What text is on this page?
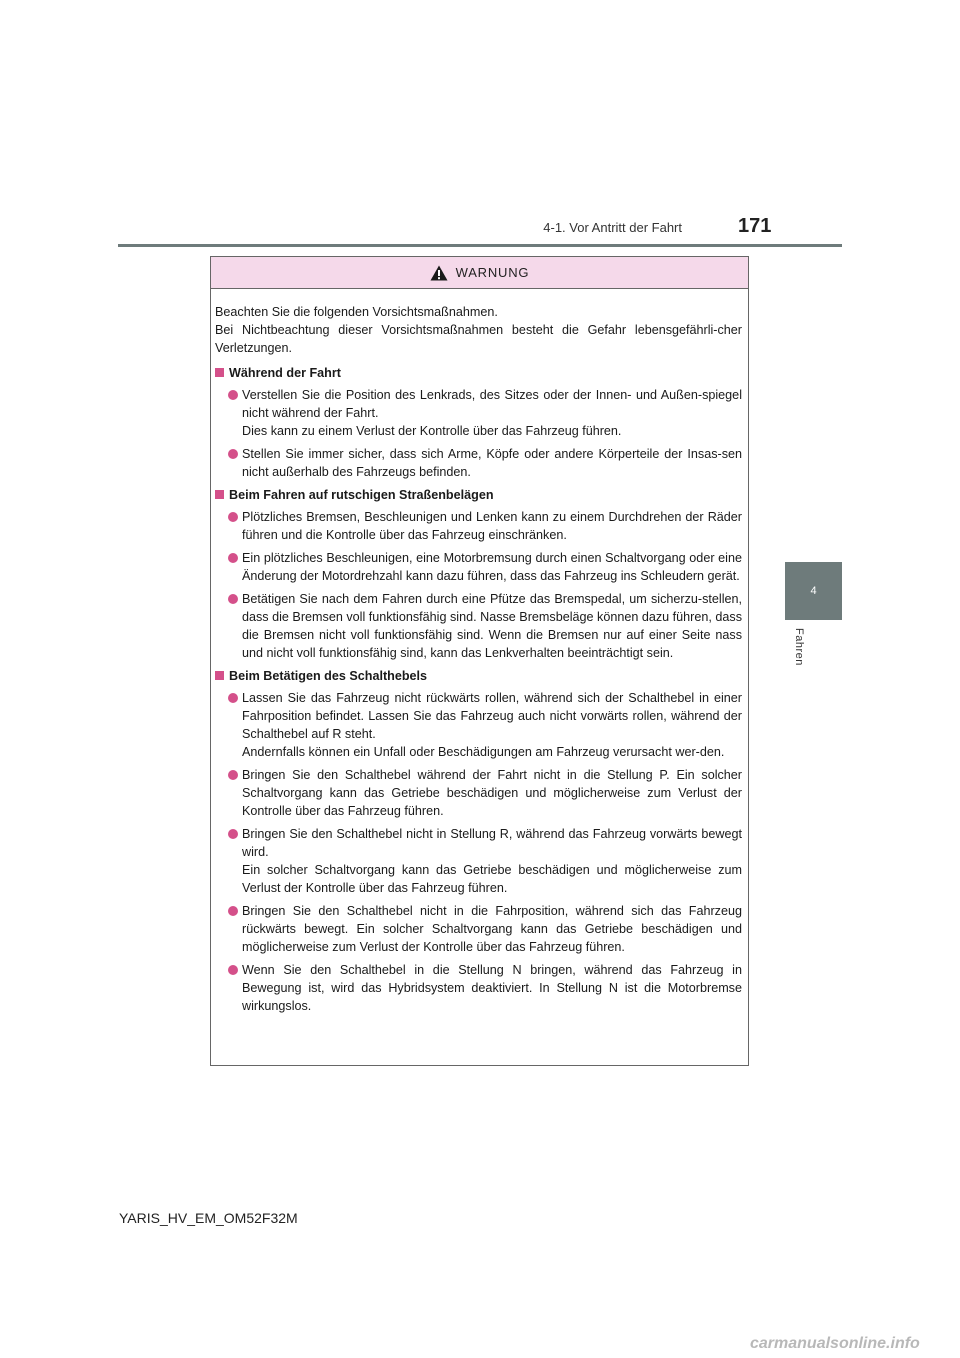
4-1. Vor Antritt der Fahrt	171
4
Fahren
WARNUNG

Beachten Sie die folgenden Vorsichtsmaßnahmen.
Bei Nichtbeachtung dieser Vorsichtsmaßnahmen besteht die Gefahr lebensgefährli-cher Verletzungen.

Während der Fahrt
Verstellen Sie die Position des Lenkrads, des Sitzes oder der Innen- und Außen-spiegel nicht während der Fahrt.
Dies kann zu einem Verlust der Kontrolle über das Fahrzeug führen.
Stellen Sie immer sicher, dass sich Arme, Köpfe oder andere Körperteile der Insas-sen nicht außerhalb des Fahrzeugs befinden.
Beim Fahren auf rutschigen Straßenbelägen
Plötzliches Bremsen, Beschleunigen und Lenken kann zu einem Durchdrehen der Räder führen und die Kontrolle über das Fahrzeug einschränken.
Ein plötzliches Beschleunigen, eine Motorbremsung durch einen Schaltvorgang oder eine Änderung der Motordrehzahl kann dazu führen, dass das Fahrzeug ins Schleudern gerät.
Betätigen Sie nach dem Fahren durch eine Pfütze das Bremspedal, um sicherzu-stellen, dass die Bremsen voll funktionsfähig sind. Nasse Bremsbeläge können dazu führen, dass die Bremsen nicht voll funktionsfähig sind. Wenn die Bremsen nur auf einer Seite nass und nicht voll funktionsfähig sind, kann das Lenkverhalten beeinträchtigt sein.
Beim Betätigen des Schalthebels
Lassen Sie das Fahrzeug nicht rückwärts rollen, während sich der Schalthebel in einer Fahrposition befindet. Lassen Sie das Fahrzeug auch nicht vorwärts rollen, während der Schalthebel auf R steht.
Andernfalls können ein Unfall oder Beschädigungen am Fahrzeug verursacht wer-den.
Bringen Sie den Schalthebel während der Fahrt nicht in die Stellung P. Ein solcher Schaltvorgang kann das Getriebe beschädigen und möglicherweise zum Verlust der Kontrolle über das Fahrzeug führen.
Bringen Sie den Schalthebel nicht in Stellung R, während das Fahrzeug vorwärts bewegt wird.
Ein solcher Schaltvorgang kann das Getriebe beschädigen und möglicherweise zum Verlust der Kontrolle über das Fahrzeug führen.
Bringen Sie den Schalthebel nicht in die Fahrposition, während sich das Fahrzeug rückwärts bewegt. Ein solcher Schaltvorgang kann das Getriebe beschädigen und möglicherweise zum Verlust der Kontrolle über das Fahrzeug führen.
Wenn Sie den Schalthebel in die Stellung N bringen, während das Fahrzeug in Bewegung ist, wird das Hybridsystem deaktiviert. In Stellung N ist die Motorbremse wirkungslos.
YARIS_HV_EM_OM52F32M
carmanualsonline.info
